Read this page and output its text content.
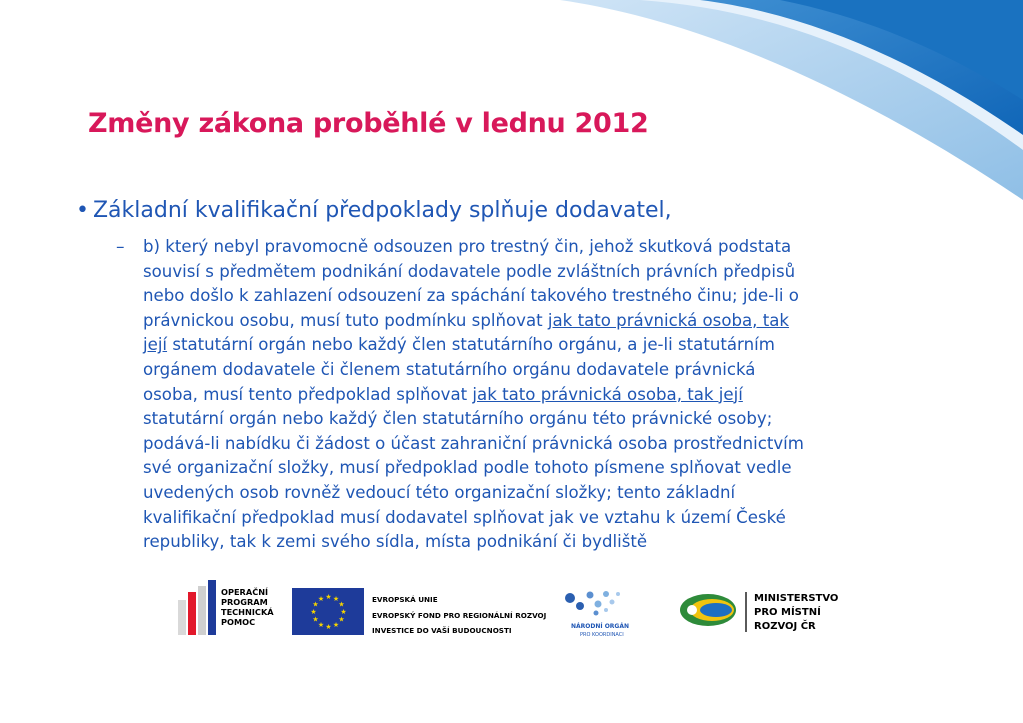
Změny zákona proběhlé v lednu 2012
• Základní kvalifikační předpoklady splňuje dodavatel,
– b) který nebyl pravomocně odsouzen pro trestný čin, jehož skutková podstata
souvisí s předmětem podnikání dodavatele podle zvláštních právních předpisů
nebo došlo k zahlazení odsouzení za spáchání takového trestného činu; jde-li o
právnickou osobu, musí tuto podmínku splňovat jak tato právnická osoba, tak
její statutární orgán nebo každý člen statutárního orgánu, a je-li statutárním
orgánem dodavatele či členem statutárního orgánu dodavatele právnická
osoba, musí tento předpoklad splňovat jak tato právnická osoba, tak její
statutární orgán nebo každý člen statutárního orgánu této právnické osoby;
podává-li nabídku či žádost o účast zahraniční právnická osoba prostřednictvím
své organizační složky, musí předpoklad podle tohoto písmene splňovat vedle
uvedených osob rovněž vedoucí této organizační složky; tento základní
kvalifikační předpoklad musí dodavatel splňovat jak ve vztahu k území České
republiky, tak k zemi svého sídla, místa podnikání či bydliště
OPERAČNÍ
PROGRAM
TECHNICKÁ
POMOC
★ ★
★
★
★
★
★
★
★
★
★
★	EVROPSKÁ UNIE
EVROPSKÝ FOND PRO REGIONÁLNÍ ROZVOJ
INVESTICE DO VAŠÍ BUDOUCNOSTI	NÁRODNÍ ORGÁN
PRO KOORDINACI
MINISTERSTVO
PRO MÍSTNÍ
ROZVOJ ČR
